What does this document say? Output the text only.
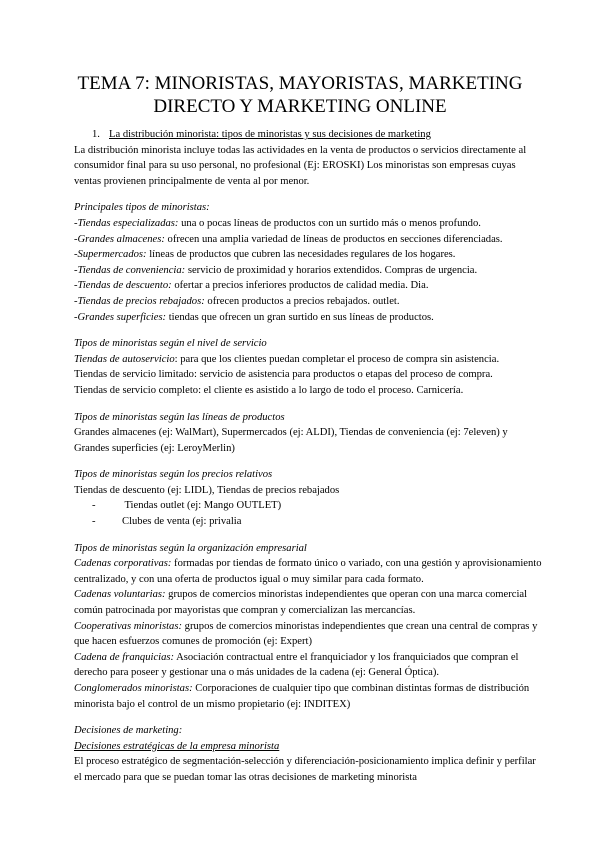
TEMA 7: MINORISTAS, MAYORISTAS, MARKETING
DIRECTO Y MARKETING ONLINE

1. La distribución minorista: tipos de minoristas y sus decisiones de marketing

La distribución minorista incluye todas las actividades en la venta de productos o servicios directamente al consumidor final para su uso personal, no profesional (Ej: EROSKI) Los minoristas son empresas cuyas ventas provienen principalmente de venta al por menor.

Principales tipos de minoristas:

-Tiendas especializadas: una o pocas líneas de productos con un surtido más o menos profundo.

-Grandes almacenes: ofrecen una amplia variedad de líneas de productos en secciones diferenciadas.

-Supermercados: líneas de productos que cubren las necesidades regulares de los hogares.

-Tiendas de conveniencia: servicio de proximidad y horarios extendidos. Compras de urgencia.

-Tiendas de descuento: ofertar a precios inferiores productos de calidad media. Dia.

-Tiendas de precios rebajados: ofrecen productos a precios rebajados. outlet.

-Grandes superficies: tiendas que ofrecen un gran surtido en sus líneas de productos.

Tipos de minoristas según el nivel de servicio

Tiendas de autoservicio: para que los clientes puedan completar el proceso de compra sin asistencia.

Tiendas de servicio limitado: servicio de asistencia para productos o etapas del proceso de compra.

Tiendas de servicio completo: el cliente es asistido a lo largo de todo el proceso. Carnicería.

Tipos de minoristas según las líneas de productos

Grandes almacenes (ej: WalMart), Supermercados (ej: ALDI), Tiendas de conveniencia (ej: 7eleven) y Grandes superficies (ej: LeroyMerlin)

Tipos de minoristas según los precios relativos

Tiendas de descuento (ej: LIDL), Tiendas de precios rebajados

- Tiendas outlet (ej: Mango OUTLET)

- Clubes de venta (ej: privalia

Tipos de minoristas según la organización empresarial

Cadenas corporativas: formadas por tiendas de formato único o variado, con una gestión y aprovisionamiento centralizado, y con una oferta de productos igual o muy similar para cada formato.

Cadenas voluntarias: grupos de comercios minoristas independientes que operan con una marca comercial común patrocinada por mayoristas que compran y comercializan las mercancías.

Cooperativas minoristas: grupos de comercios minoristas independientes que crean una central de compras y que hacen esfuerzos comunes de promoción (ej: Expert)

Cadena de franquicias: Asociación contractual entre el franquiciador y los franquiciados que compran el derecho para poseer y gestionar una o más unidades de la cadena (ej: General Óptica).

Conglomerados minoristas: Corporaciones de cualquier tipo que combinan distintas formas de distribución minorista bajo el control de un mismo propietario (ej: INDITEX)

Decisiones de marketing:

Decisiones estratégicas de la empresa minorista

El proceso estratégico de segmentación-selección y diferenciación-posicionamiento implica definir y perfilar el mercado para que se puedan tomar las otras decisiones de marketing minorista
